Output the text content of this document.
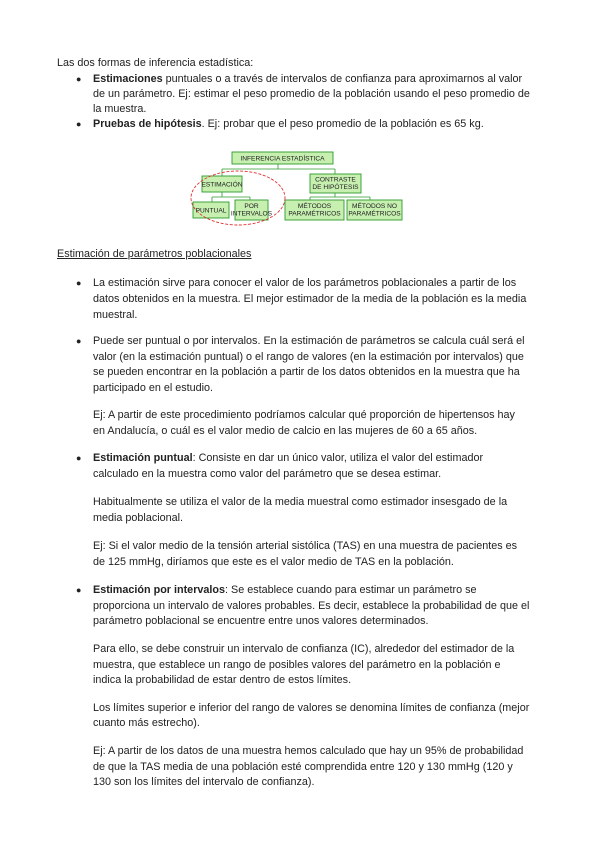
Las dos formas de inferencia estadística:

● Estimaciones puntuales o a través de intervalos de confianza para aproximarnos al valor

de un parámetro. Ej: estimar el peso promedio de la población usando el peso promedio de

la muestra.

● Pruebas de hipótesis. Ej: probar que el peso promedio de la población es 65 kg.

INFERENCIA ESTADÍSTICA
ESTIMACIÓN
CONTRASTE
DE HIPÓTESIS
PUNTUAL
POR
INTERVALOS
MÉTODOS
PARAMÉTRICOS
MÉTODOS NO
PARAMÉTRICOS

Estimación de parámetros poblacionales

● La estimación sirve para conocer el valor de los parámetros poblacionales a partir de los

datos obtenidos en la muestra. El mejor estimador de la media de la población es la media

muestral.

● Puede ser puntual o por intervalos. En la estimación de parámetros se calcula cuál será el

valor (en la estimación puntual) o el rango de valores (en la estimación por intervalos) que

se pueden encontrar en la población a partir de los datos obtenidos en la muestra que ha

participado en el estudio.

Ej: A partir de este procedimiento podríamos calcular qué proporción de hipertensos hay

en Andalucía, o cuál es el valor medio de calcio en las mujeres de 60 a 65 años.

● Estimación puntual: Consiste en dar un único valor, utiliza el valor del estimador

calculado en la muestra como valor del parámetro que se desea estimar.

Habitualmente se utiliza el valor de la media muestral como estimador insesgado de la

media poblacional.

Ej: Si el valor medio de la tensión arterial sistólica (TAS) en una muestra de pacientes es

de 125 mmHg, diríamos que este es el valor medio de TAS en la población.

● Estimación por intervalos: Se establece cuando para estimar un parámetro se

proporciona un intervalo de valores probables. Es decir, establece la probabilidad de que el

parámetro poblacional se encuentre entre unos valores determinados.

Para ello, se debe construir un intervalo de confianza (IC), alrededor del estimador de la

muestra, que establece un rango de posibles valores del parámetro en la población e

indica la probabilidad de estar dentro de estos límites.

Los límites superior e inferior del rango de valores se denomina límites de confianza (mejor

cuanto más estrecho).

Ej: A partir de los datos de una muestra hemos calculado que hay un 95% de probabilidad

de que la TAS media de una población esté comprendida entre 120 y 130 mmHg (120 y

130 son los límites del intervalo de confianza).
